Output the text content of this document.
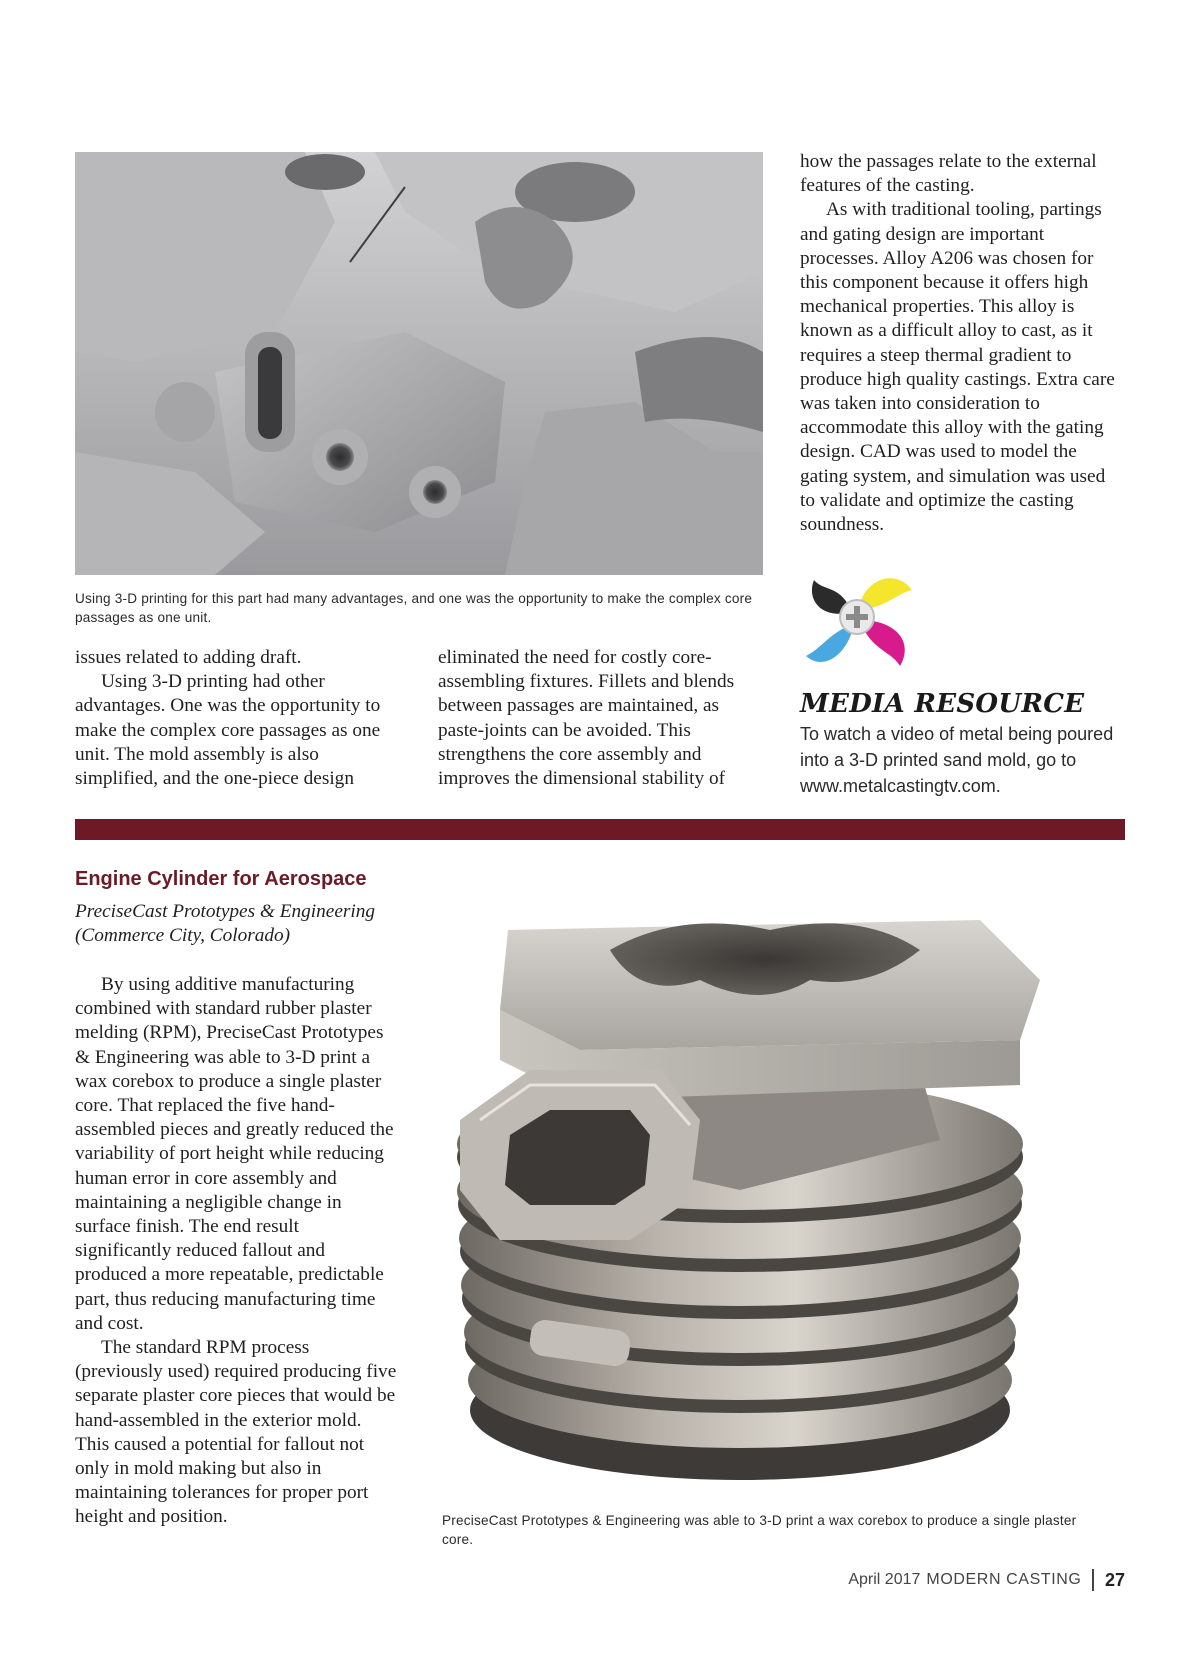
Using 3-D printing for this part had many advantages, and one was the opportunity to make the complex core passages as one unit.

how the passages relate to the external features of the casting.

As with traditional tooling, partings and gating design are important processes. Alloy A206 was chosen for this component because it offers high mechanical properties. This alloy is known as a difficult alloy to cast, as it requires a steep thermal gradient to produce high quality castings. Extra care was taken into consideration to accommodate this alloy with the gating design. CAD was used to model the gating system, and simulation was used to validate and optimize the casting soundness.

MEDIA RESOURCE
To watch a video of metal being poured into a 3-D printed sand mold, go to www.metalcastingtv.com.

issues related to adding draft.

Using 3-D printing had other advantages. One was the opportunity to make the complex core passages as one unit. The mold assembly is also simplified, and the one-piece design

eliminated the need for costly core-assembling fixtures. Fillets and blends between passages are maintained, as paste-joints can be avoided. This strengthens the core assembly and improves the dimensional stability of

Engine Cylinder for Aerospace
PreciseCast Prototypes & Engineering (Commerce City, Colorado)

By using additive manufacturing combined with standard rubber plaster melding (RPM), PreciseCast Prototypes & Engineering was able to 3-D print a wax corebox to produce a single plaster core. That replaced the five hand-assembled pieces and greatly reduced the variability of port height while reducing human error in core assembly and maintaining a negligible change in surface finish. The end result significantly reduced fallout and produced a more repeatable, predictable part, thus reducing manufacturing time and cost.

The standard RPM process (previously used) required producing five separate plaster core pieces that would be hand-assembled in the exterior mold. This caused a potential for fallout not only in mold making but also in maintaining tolerances for proper port height and position.	PreciseCast Prototypes & Engineering was able to 3-D print a wax corebox to produce a single plaster core.
April 2017 MODERN CASTING 27
